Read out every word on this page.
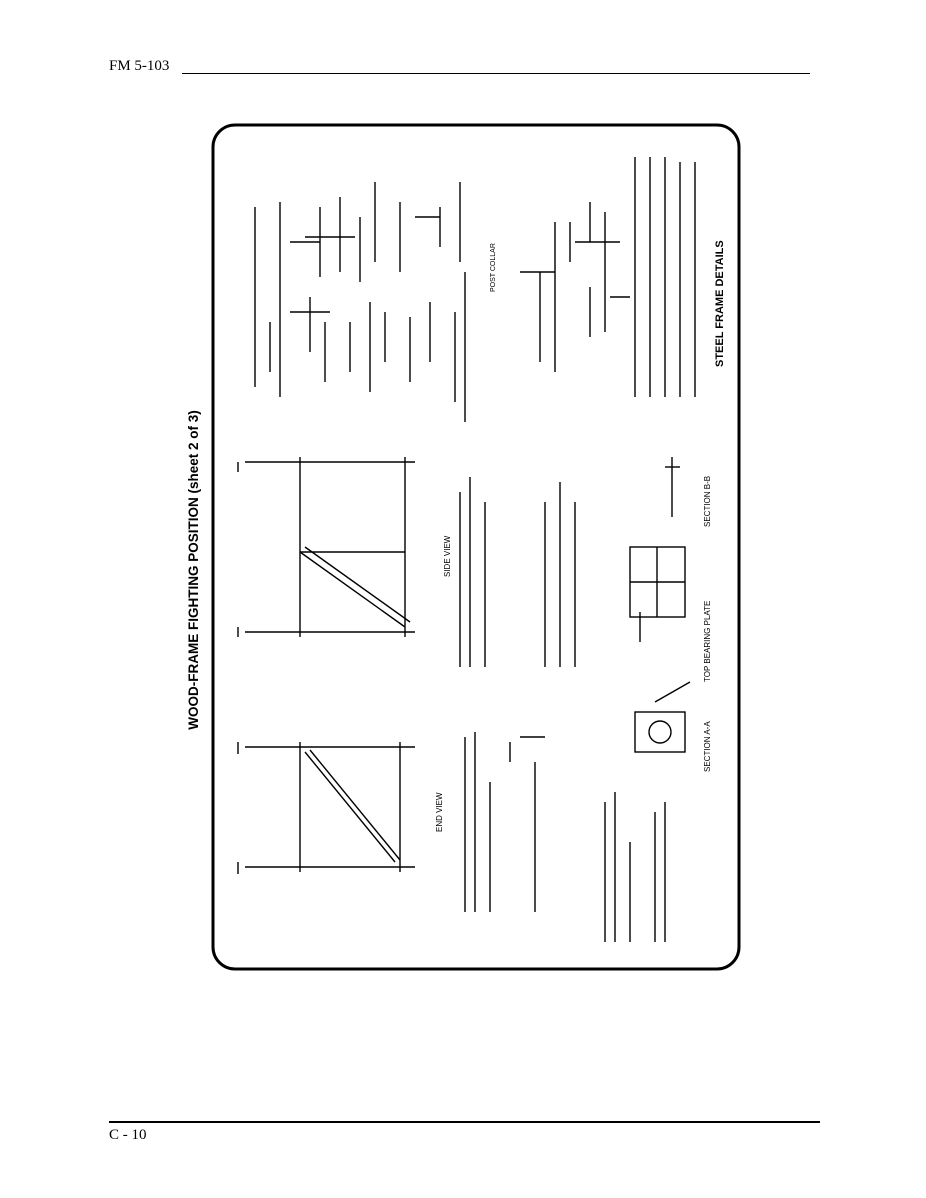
FM 5-103
WOOD-FRAME FIGHTING POSITION (sheet 2 of 3)
STEEL FRAME DETAILS
POST COLLAR
SIDE VIEW
SECTION B-B
TOP BEARING PLATE
END VIEW
SECTION A-A
C - 10
